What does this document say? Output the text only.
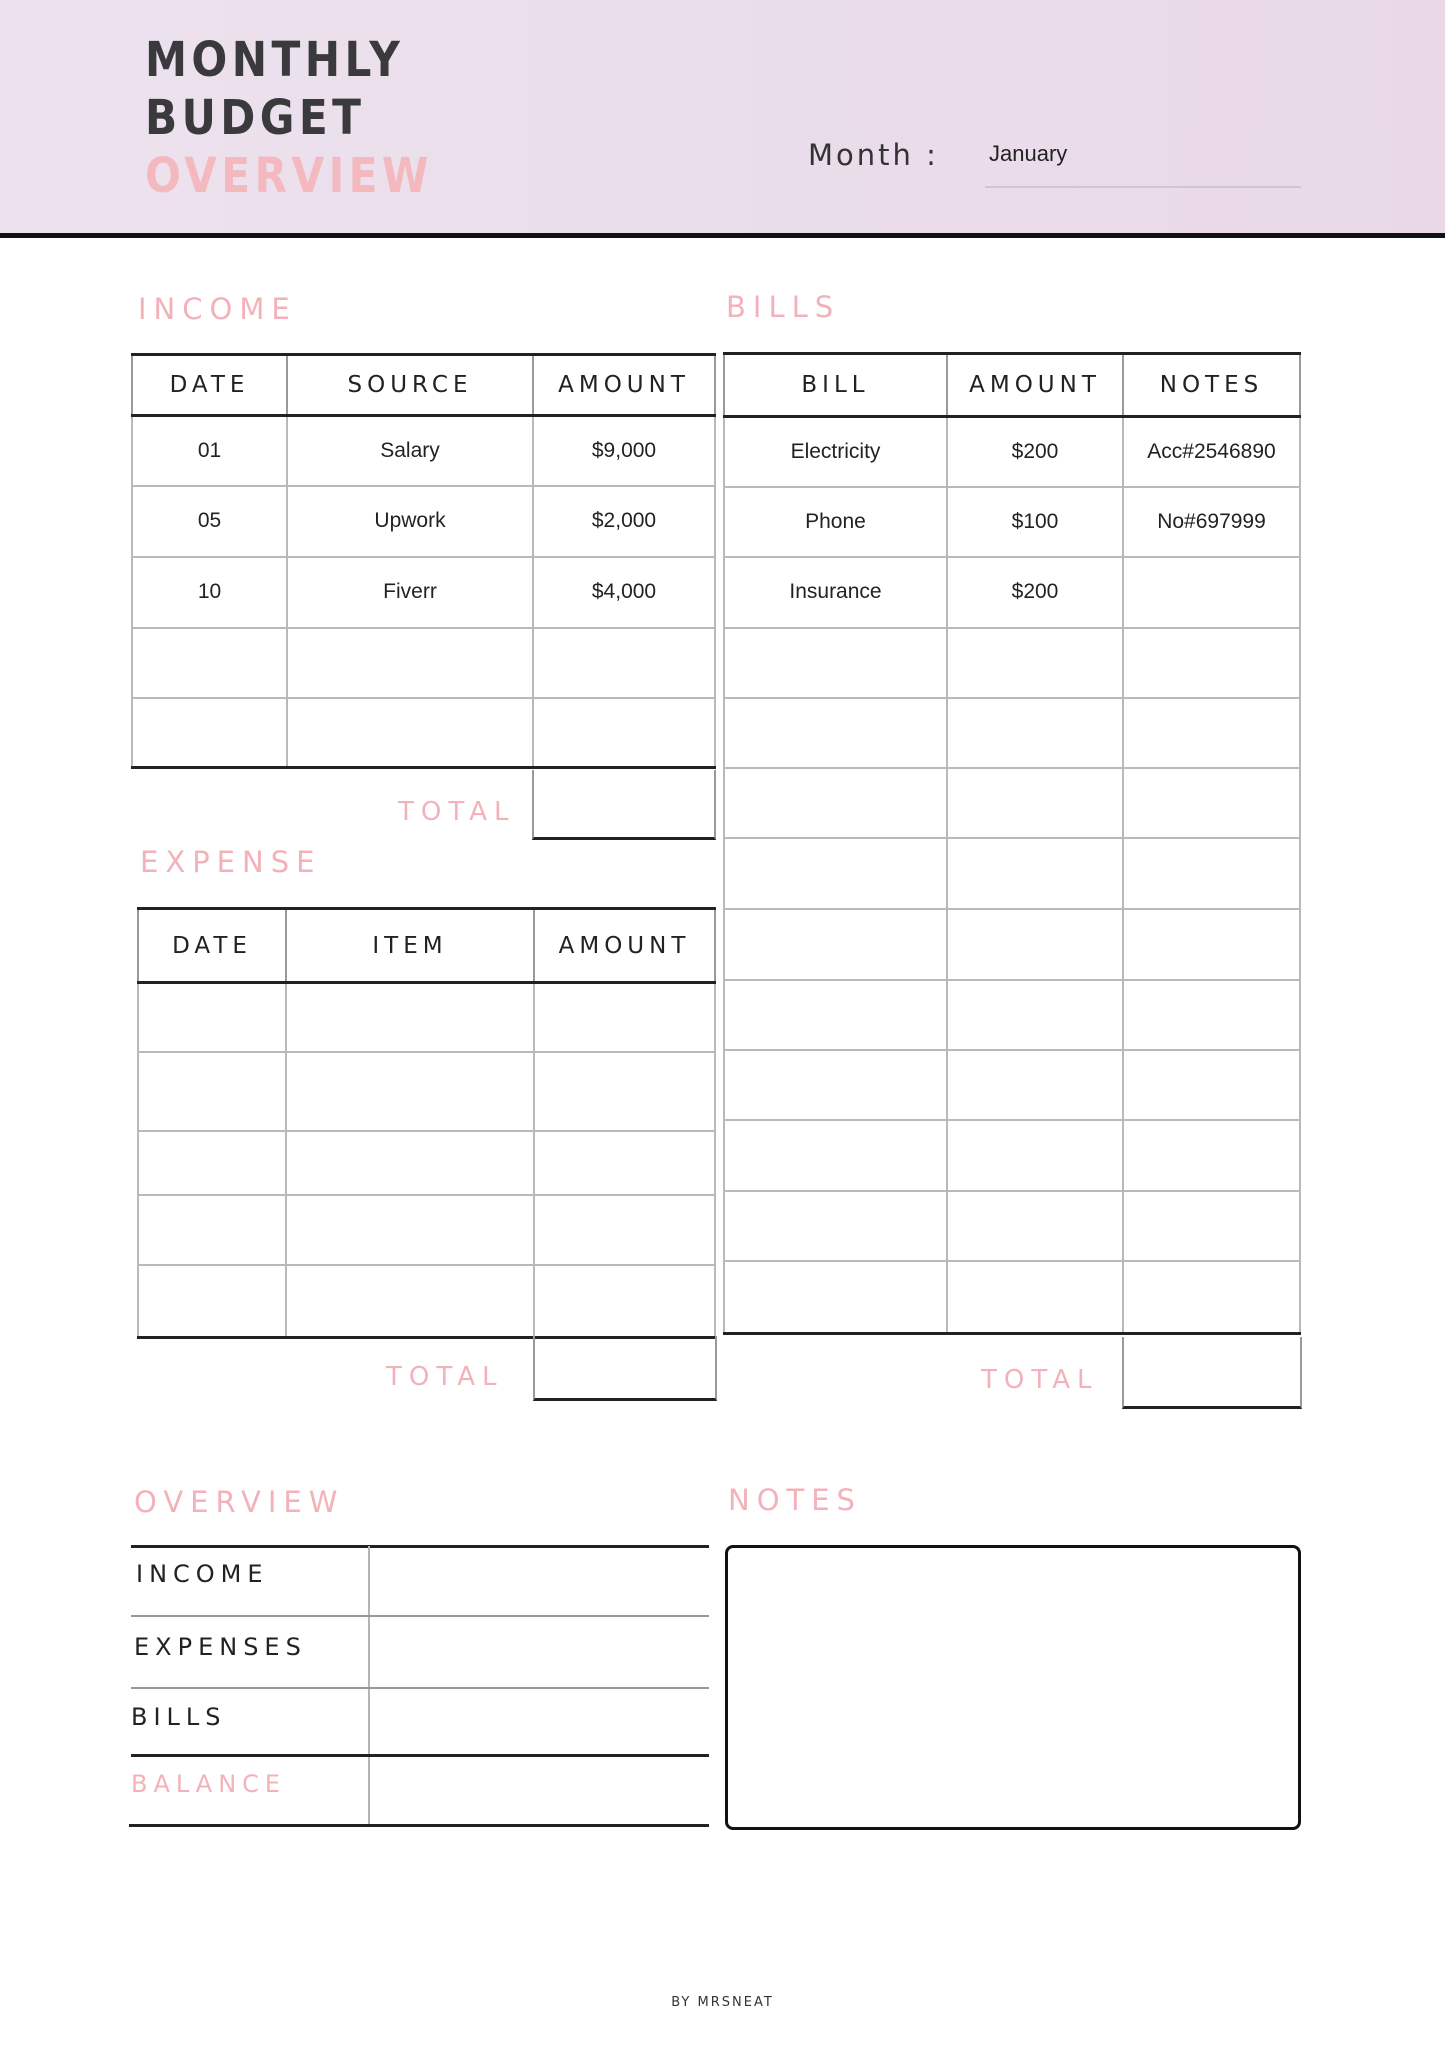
MONTHLY
BUDGET
OVERVIEW	Month : January
INCOME
DATE	SOURCE	AMOUNT
01	Salary	$9,000
05	Upwork	$2,000
10	Fiverr	$4,000

TOTAL
BILLS
BILL	AMOUNT	NOTES
Electricity	$200	Acc#2546890
Phone	$100	No#697999
Insurance	$200	

TOTAL
EXPENSE
DATE	ITEM	AMOUNT

TOTAL
OVERVIEW
INCOME
EXPENSES
BILLS
BALANCE
NOTES
BY MRSNEAT
